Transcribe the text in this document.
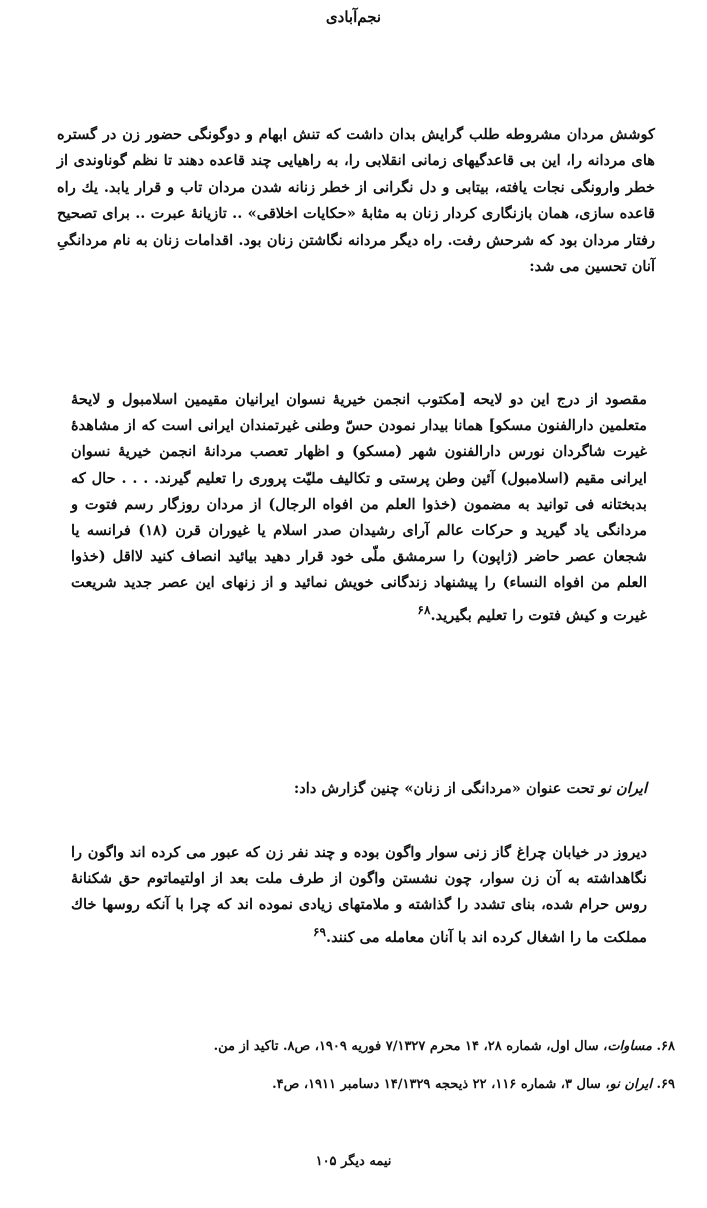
نجم‌آبادی

کوشش مردان مشروطه طلب گرایش بدان داشت که تنش ابهام و دوگونگی حضور زن در گستره های مردانه را، این بی قاعدگیهای زمانی انقلابی را، به راهیایی چند قاعده دهند تا نظم گوناوندی از خطر وارونگی نجات یافته، بیتابی و دل نگرانی از خطر زنانه شدن مردان تاب و قرار یابد. یك راه قاعده سازی، همان بازنگاری کردار زنان به مثابهٔ «حکایات اخلاقی» .. تازیانهٔ عبرت .. برای تصحیح رفتار مردان بود که شرحش رفت. راه دیگر مردانه نگاشتن زنان بود. اقدامات زنان به نام مردانگیِ آنان تحسین می شد:

مقصود از درج این دو لایحه [مکتوب انجمن خیریهٔ نسوان ایرانیان مقیمین اسلامبول و لایحهٔ متعلمین دارالفنون مسکو] همانا بیدار نمودن حسّ وطنی غیرتمندان ایرانی است که از مشاهدهٔ غیرت شاگردان نورس دارالفنون شهر (مسکو) و اظهار تعصب مردانهٔ انجمن خیریهٔ نسوان ایرانی مقیم (اسلامبول) آئین وطن پرستی و تکالیف ملیّت پروری را تعلیم گیرند. . . . حال که بدبختانه فی توانید به مضمون (خذوا العلم من افواه الرجال) از مردان روزگار رسم فتوت و مردانگی یاد گیرید و حرکات عالم آرای رشیدان صدر اسلام یا غیوران قرن (۱۸) فرانسه یا شجعان عصر حاضر (ژاپون) را سرمشق ملّی خود قرار دهید بیائید انصاف کنید لااقل (خذوا العلم من افواه النساء) را پیشنهاد زندگانی خویش نمائید و از زنهای این عصر جدید شریعت غیرت و کیش فتوت را تعلیم بگیرید.$^{۶۸}$

ایران نو تحت عنوان «مردانگی از زنان» چنین گزارش داد:

دیروز در خیابان چراغ گاز زنی سوار واگون بوده و چند نفر زن که عبور می کرده اند واگون را نگاهداشته به آن زن سوار، چون نشستن واگون از طرف ملت بعد از اولتیماتوم حق شکنانهٔ روس حرام شده، بنای تشدد را گذاشته و ملامتهای زیادی نموده اند که چرا با آنکه روسها خاك مملکت ما را اشغال کرده اند با آنان معامله می کنند.$^{۶۹}$

۶۸. مساوات، سال اول، شماره ۲۸، ۱۴ محرم ۷/۱۳۲۷ فوریه ۱۹۰۹، ص۸. تاکید از من.

۶۹. ایران نو، سال ۳، شماره ۱۱۶، ۲۲ ذیحجه ۱۴/۱۳۲۹ دسامبر ۱۹۱۱، ص۴.

نیمه دیگر ۱۰۵
